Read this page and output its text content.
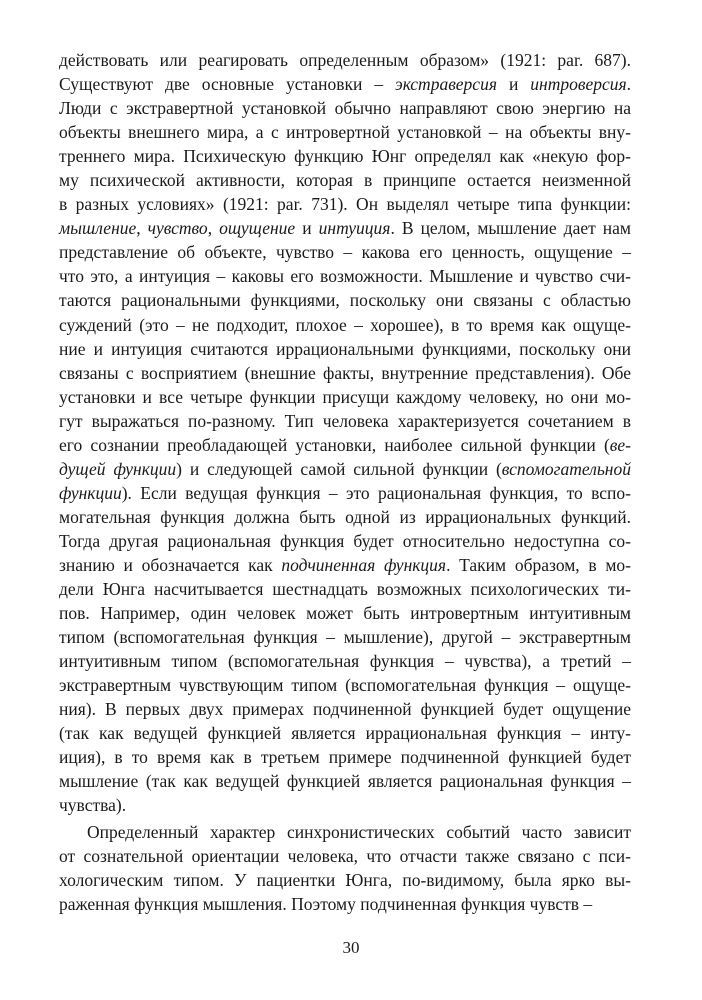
действовать или реагировать определенным образом» (1921: par. 687).
Существуют две основные установки – экстраверсия и интроверсия.
Люди с экстравертной установкой обычно направляют свою энергию на
объекты внешнего мира, а с интровертной установкой – на объекты вну-
треннего мира. Психическую функцию Юнг определял как «некую фор-
му психической активности, которая в принципе остается неизменной
в разных условиях» (1921: par. 731). Он выделял четыре типа функции:
мышление, чувство, ощущение и интуиция. В целом, мышление дает нам
представление об объекте, чувство – какова его ценность, ощущение –
что это, а интуиция – каковы его возможности. Мышление и чувство счи-
таются рациональными функциями, поскольку они связаны с областью
суждений (это – не подходит, плохое – хорошее), в то время как ощуще-
ние и интуиция считаются иррациональными функциями, поскольку они
связаны с восприятием (внешние факты, внутренние представления). Обе
установки и все четыре функции присущи каждому человеку, но они мо-
гут выражаться по-разному. Тип человека характеризуется сочетанием в
его сознании преобладающей установки, наиболее сильной функции (ве-
дущей функции) и следующей самой сильной функции (вспомогательной
функции). Если ведущая функция – это рациональная функция, то вспо-
могательная функция должна быть одной из иррациональных функций.
Тогда другая рациональная функция будет относительно недоступна со-
знанию и обозначается как подчиненная функция. Таким образом, в мо-
дели Юнга насчитывается шестнадцать возможных психологических ти-
пов. Например, один человек может быть интровертным интуитивным
типом (вспомогательная функция – мышление), другой – экстравертным
интуитивным типом (вспомогательная функция – чувства), а третий –
экстравертным чувствующим типом (вспомогательная функция – ощуще-
ния). В первых двух примерах подчиненной функцией будет ощущение
(так как ведущей функцией является иррациональная функция – инту-
иция), в то время как в третьем примере подчиненной функцией будет
мышление (так как ведущей функцией является рациональная функция –
чувства).
Определенный характер синхронистических событий часто зависит
от сознательной ориентации человека, что отчасти также связано с пси-
хологическим типом. У пациентки Юнга, по-видимому, была ярко вы-
раженная функция мышления. Поэтому подчиненная функция чувств –
30
